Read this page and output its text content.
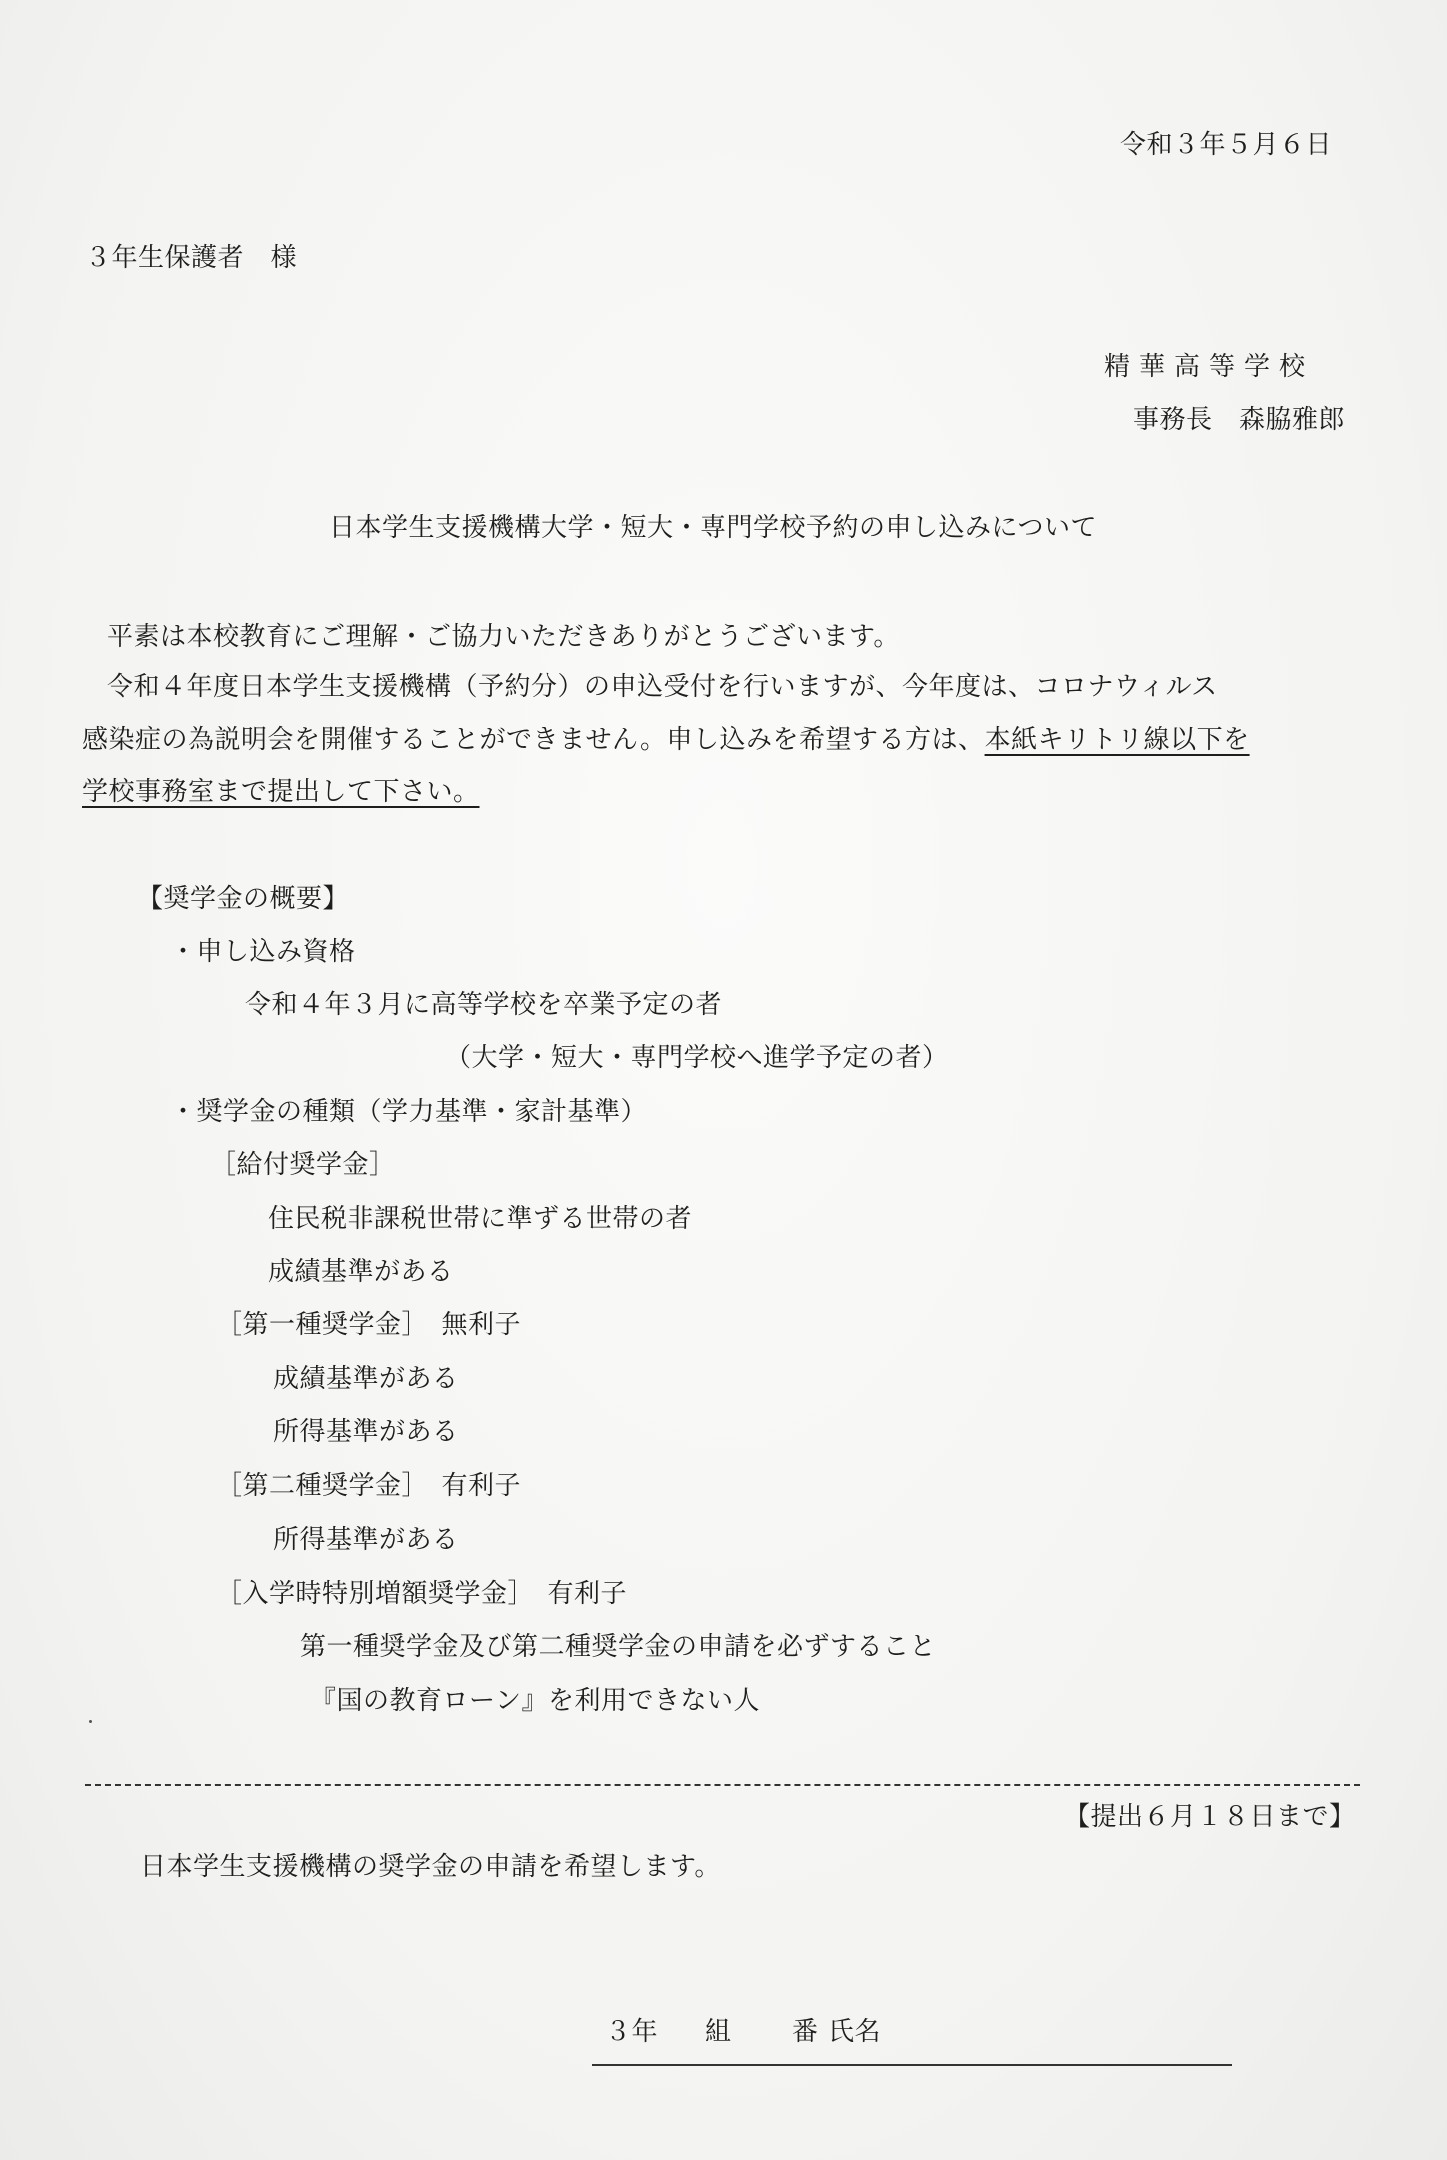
令和３年５月６日
３年生保護者　様
精華高等学校
事務長　森脇雅郎
日本学生支援機構大学・短大・専門学校予約の申し込みについて
平素は本校教育にご理解・ご協力いただきありがとうございます。
令和４年度日本学生支援機構（予約分）の申込受付を行いますが、今年度は、コロナウィルス
感染症の為説明会を開催することができません。申し込みを希望する方は、本紙キリトリ線以下を
学校事務室まで提出して下さい。
【奨学金の概要】
・申し込み資格
令和４年３月に高等学校を卒業予定の者
（大学・短大・専門学校へ進学予定の者）
・奨学金の種類（学力基準・家計基準）
［給付奨学金］
住民税非課税世帯に準ずる世帯の者
成績基準がある
［第一種奨学金］　無利子
成績基準がある
所得基準がある
［第二種奨学金］　有利子
所得基準がある
［入学時特別増額奨学金］　有利子
第一種奨学金及び第二種奨学金の申請を必ずすること
『国の教育ローン』を利用できない人
【提出６月１８日まで】
日本学生支援機構の奨学金の申請を希望します。
３年 組 番 氏名
